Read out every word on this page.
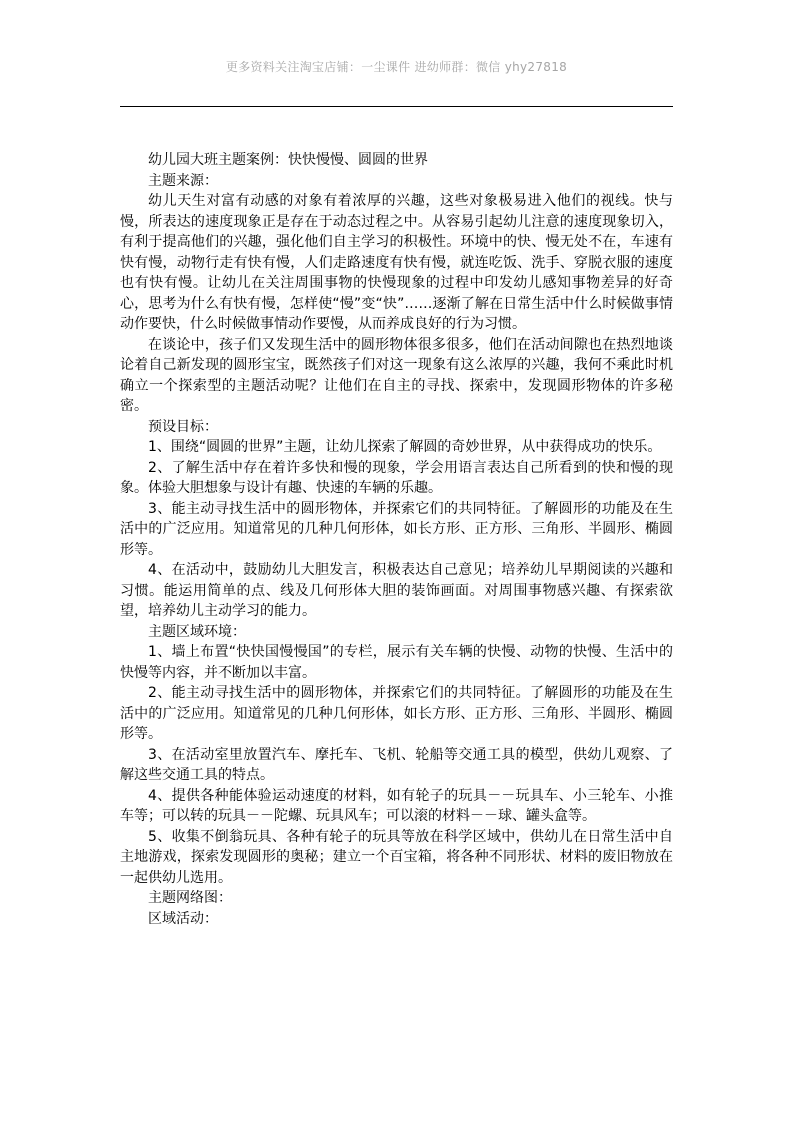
更多资料关注淘宝店铺：一尘课件 进幼师群：微信 yhy27818

幼儿园大班主题案例：快快慢慢、圆圆的世界

主题来源：

幼儿天生对富有动感的对象有着浓厚的兴趣，这些对象极易进入他们的视线。快与慢，所表达的速度现象正是存在于动态过程之中。从容易引起幼儿注意的速度现象切入，有利于提高他们的兴趣，强化他们自主学习的积极性。环境中的快、慢无处不在，车速有快有慢，动物行走有快有慢，人们走路速度有快有慢，就连吃饭、洗手、穿脱衣服的速度也有快有慢。让幼儿在关注周围事物的快慢现象的过程中印发幼儿感知事物差异的好奇心，思考为什么有快有慢，怎样使“慢”变“快”……逐渐了解在日常生活中什么时候做事情动作要快，什么时候做事情动作要慢，从而养成良好的行为习惯。

在谈论中，孩子们又发现生活中的圆形物体很多很多，他们在活动间隙也在热烈地谈论着自己新发现的圆形宝宝，既然孩子们对这一现象有这么浓厚的兴趣，我何不乘此时机确立一个探索型的主题活动呢？让他们在自主的寻找、探索中，发现圆形物体的许多秘密。

预设目标：

1、围绕“圆圆的世界”主题，让幼儿探索了解圆的奇妙世界，从中获得成功的快乐。

2、了解生活中存在着许多快和慢的现象，学会用语言表达自己所看到的快和慢的现象。体验大胆想象与设计有趣、快速的车辆的乐趣。

3、能主动寻找生活中的圆形物体，并探索它们的共同特征。了解圆形的功能及在生活中的广泛应用。知道常见的几种几何形体，如长方形、正方形、三角形、半圆形、椭圆形等。

4、在活动中，鼓励幼儿大胆发言，积极表达自己意见；培养幼儿早期阅读的兴趣和习惯。能运用简单的点、线及几何形体大胆的装饰画面。对周围事物感兴趣、有探索欲望，培养幼儿主动学习的能力。

主题区域环境：

1、墙上布置“快快国慢慢国”的专栏，展示有关车辆的快慢、动物的快慢、生活中的快慢等内容，并不断加以丰富。

2、能主动寻找生活中的圆形物体，并探索它们的共同特征。了解圆形的功能及在生活中的广泛应用。知道常见的几种几何形体，如长方形、正方形、三角形、半圆形、椭圆形等。

3、在活动室里放置汽车、摩托车、飞机、轮船等交通工具的模型，供幼儿观察、了解这些交通工具的特点。

4、提供各种能体验运动速度的材料，如有轮子的玩具－－玩具车、小三轮车、小推车等；可以转的玩具－－陀螺、玩具风车；可以滚的材料－－球、罐头盒等。

5、收集不倒翁玩具、各种有轮子的玩具等放在科学区域中，供幼儿在日常生活中自主地游戏，探索发现圆形的奥秘；建立一个百宝箱，将各种不同形状、材料的废旧物放在一起供幼儿选用。

主题网络图：

区域活动：
